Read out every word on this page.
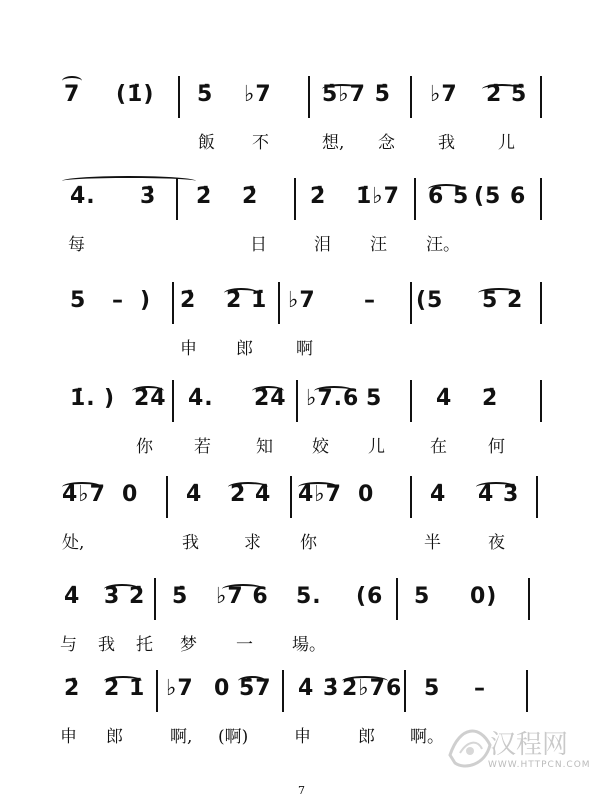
7 (1̇) 5̇ ♭7 5̇♭7 5̇ ♭7 2̇ 5̇
飯 不	想, 念	我	儿
4̇. 3̇ 2̇ 2̇ 2̇ 1̇♭7 6 5 (5 6
每	日	泪 汪 汪。
5 – ) 2̇ 2̇ 1̇ ♭7 – (5 5 2̇
申 郎	啊
1̇. ) 2̇4̇ 4̇. 2̇4̇ ♭7.6 5 4̇ 2̇
你 若	知 姣 儿	在 何
4̇♭7 0 4̇ 2̇ 4̇ 4̇♭7 0	4̇ 4̇ 3̇
处,	我	求 你	半	夜
4̇ 3̇ 2̇ 5̇ ♭7 6 5. (6 5 0)
与 我 托 梦 一 場。
2̇ 2̇ 1̇ ♭7 0 5̇7 4̇ 3̇ 2̇♭76 5 –
申 郎	啊, (啊)	申	郎 啊。 汉程网
WWW.HTTPCN.COM
7
